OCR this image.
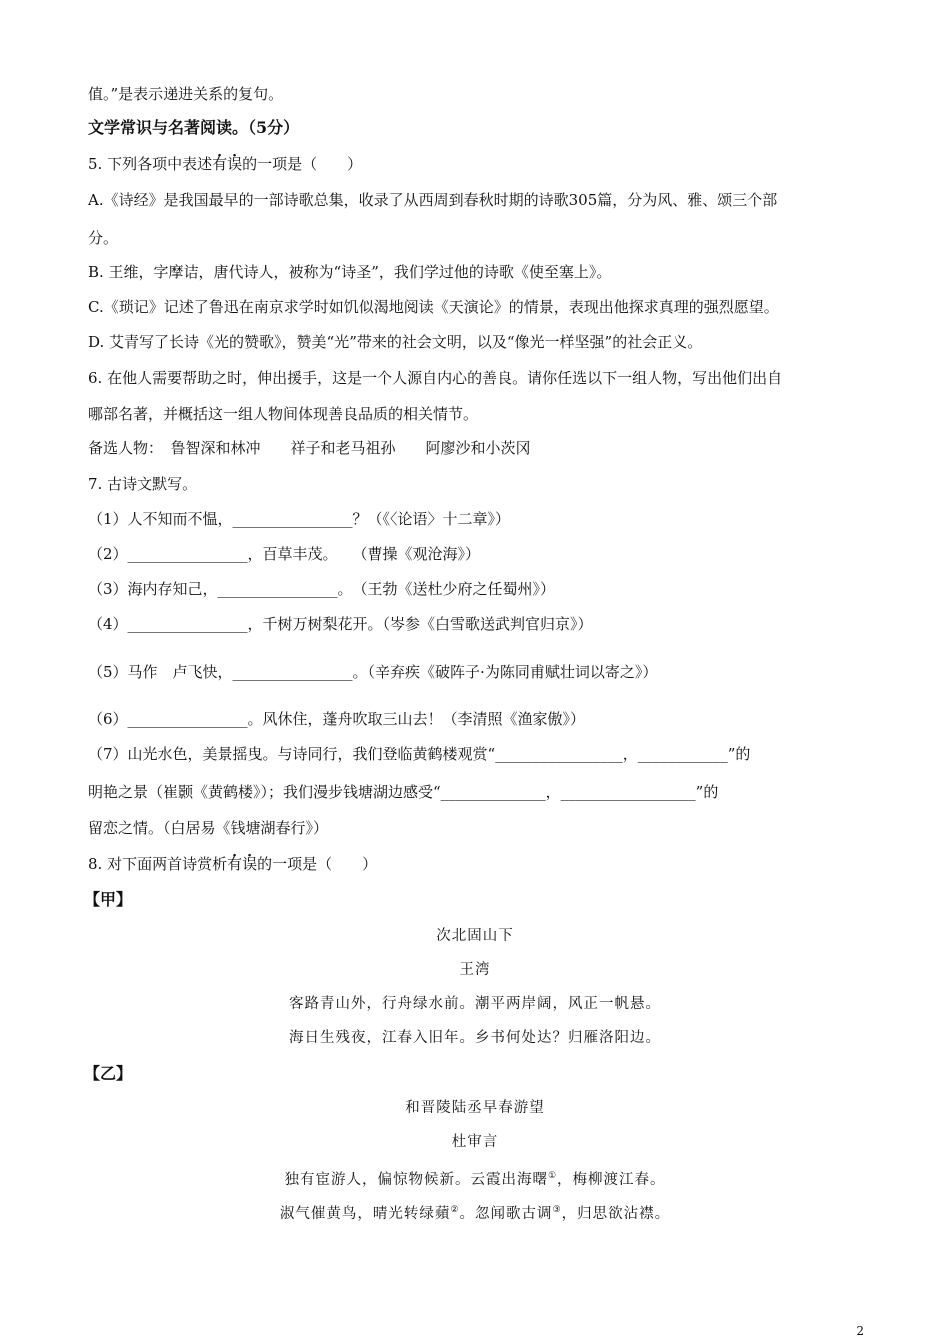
值。”是表示递进关系的复句。
文学常识与名著阅读。（5分）
5. 下列各项中表述有误的一项是（　　）
A.《诗经》是我国最早的一部诗歌总集，收录了从西周到春秋时期的诗歌305篇，分为风、雅、颂三个部
分。
B. 王维，字摩诘，唐代诗人，被称为“诗圣”，我们学过他的诗歌《使至塞上》。
C.《琐记》记述了鲁迅在南京求学时如饥似渴地阅读《天演论》的情景，表现出他探求真理的强烈愿望。
D. 艾青写了长诗《光的赞歌》，赞美“光”带来的社会文明，以及“像光一样坚强”的社会正义。
6. 在他人需要帮助之时，伸出援手，这是一个人源自内心的善良。请你任选以下一组人物，写出他们出自
哪部名著，并概括这一组人物间体现善良品质的相关情节。
备选人物：　鲁智深和林冲　　祥子和老马祖孙　　阿廖沙和小茨冈
7. 古诗文默写。
（1）人不知而不愠，________________？（《〈论语〉十二章》）
（2）________________，百草丰茂。　　（曹操《观沧海》）
（3）海内存知己，________________。　（王勃《送杜少府之任蜀州》）
（4）________________，千树万树梨花开。（岑参《白雪歌送武判官归京》）
（5）马作　卢飞快，________________。（辛弃疾《破阵子·为陈同甫赋壮词以寄之》）
（6）________________。风休住，蓬舟吹取三山去！（李清照《渔家傲》）
（7）山光水色，美景摇曳。与诗同行，我们登临黄鹤楼观赏“_________________，____________”的
明艳之景（崔颢《黄鹤楼》）；我们漫步钱塘湖边感受“______________，__________________”的
留恋之情。（白居易《钱塘湖春行》）
8. 对下面两首诗赏析有误的一项是（　　）
【甲】
次北固山下
王湾
客路青山外，行舟绿水前。潮平两岸阔，风正一帆悬。
海日生残夜，江春入旧年。乡书何处达？归雁洛阳边。
【乙】
和晋陵陆丞早春游望
杜审言
独有宦游人，偏惊物候新。云霞出海曙①，梅柳渡江春。
淑气催黄鸟，晴光转绿蘋②。忽闻歌古调③，归思欲沾襟。
2
